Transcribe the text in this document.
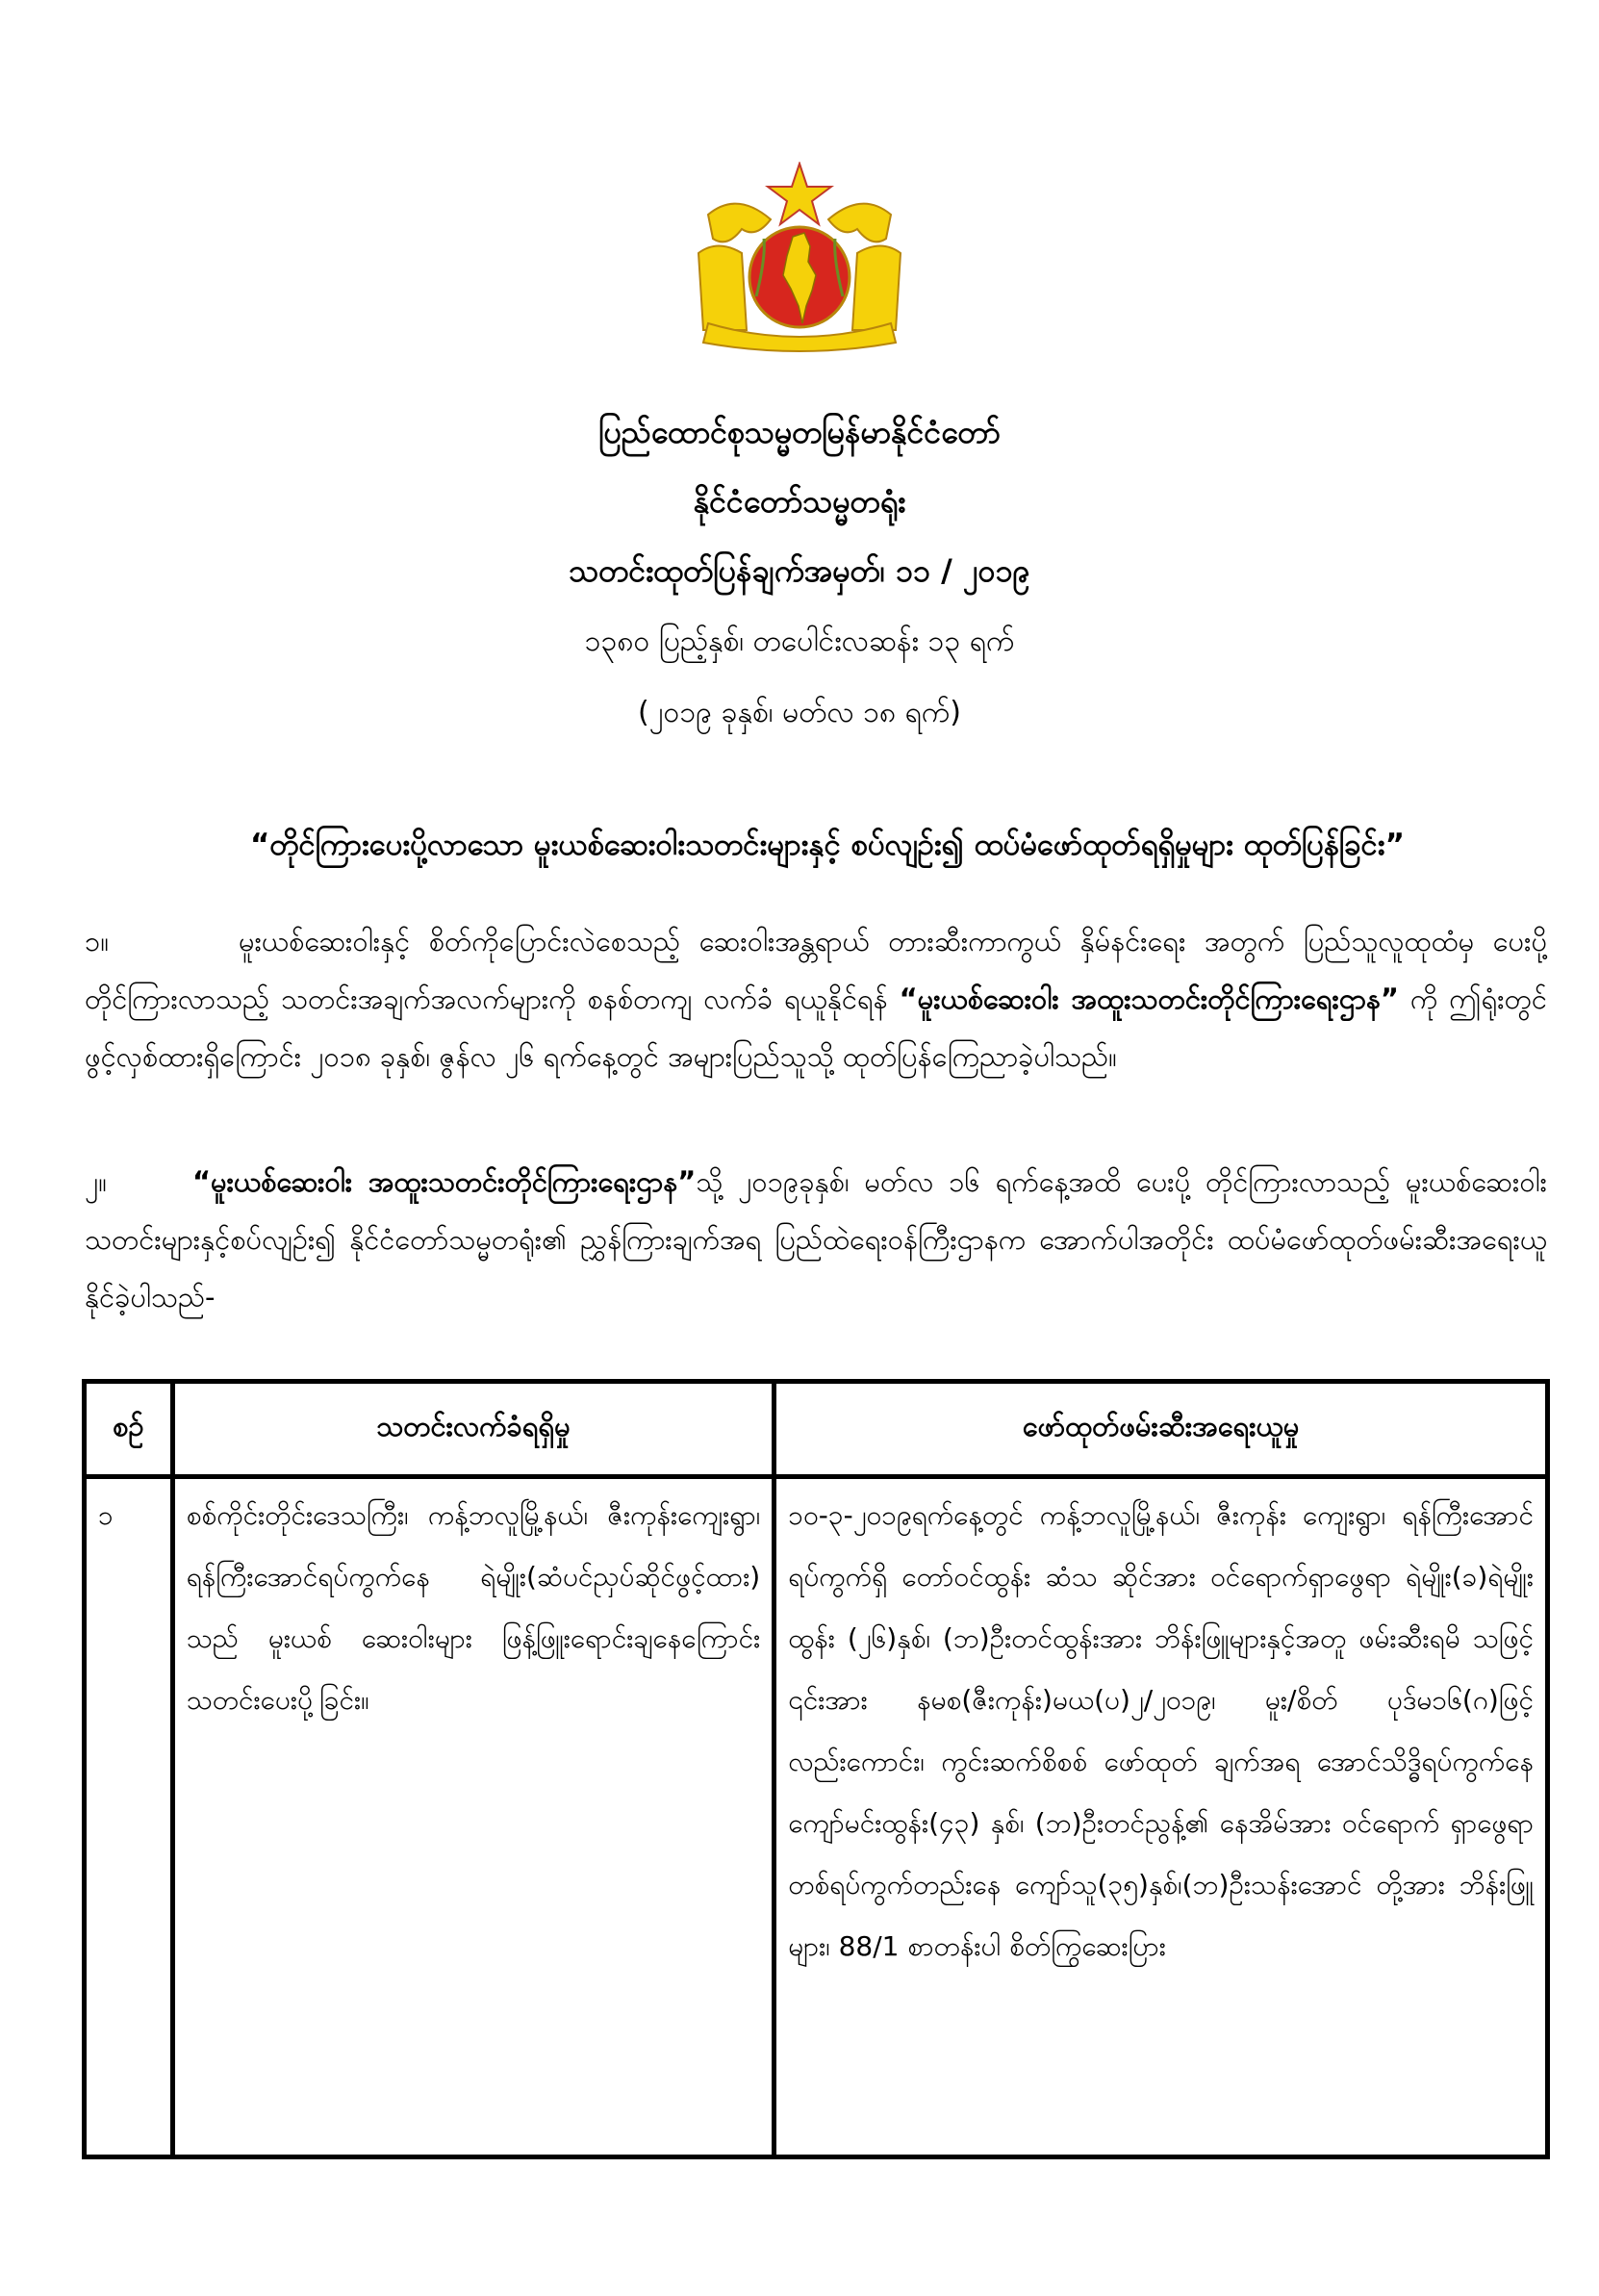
ပြည်ထောင်စုသမ္မတမြန်မာနိုင်ငံတော်
နိုင်ငံတော်သမ္မတရုံး
သတင်းထုတ်ပြန်ချက်အမှတ်၊ ၁၁ / ၂၀၁၉
၁၃၈၀ ပြည့်နှစ်၊ တပေါင်းလဆန်း ၁၃ ရက်
(၂၀၁၉ ခုနှစ်၊ မတ်လ ၁၈ ရက်)
“တိုင်ကြားပေးပို့လာသော မူးယစ်ဆေးဝါးသတင်းများနှင့် စပ်လျဉ်း၍ ထပ်မံဖော်ထုတ်ရရှိမှုများ ထုတ်ပြန်ခြင်း”
၁။	မူးယစ်ဆေးဝါးနှင့် စိတ်ကိုပြောင်းလဲစေသည့် ဆေးဝါးအန္တရာယ် တားဆီးကာကွယ် နှိမ်နင်းရေး အတွက် ပြည်သူလူထုထံမှ ပေးပို့တိုင်ကြားလာသည့် သတင်းအချက်အလက်များကို စနစ်တကျ လက်ခံ ရယူနိုင်ရန် “မူးယစ်ဆေးဝါး အထူးသတင်းတိုင်ကြားရေးဌာန” ကို ဤရုံးတွင် ဖွင့်လှစ်ထားရှိကြောင်း ၂၀၁၈ ခုနှစ်၊ ဇွန်လ ၂၆ ရက်နေ့တွင် အများပြည်သူသို့ ထုတ်ပြန်ကြေညာခဲ့ပါသည်။
၂။	“မူးယစ်ဆေးဝါး အထူးသတင်းတိုင်ကြားရေးဌာန”သို့ ၂၀၁၉ခုနှစ်၊ မတ်လ ၁၆ ရက်နေ့အထိ ပေးပို့ တိုင်ကြားလာသည့် မူးယစ်ဆေးဝါးသတင်းများနှင့်စပ်လျဉ်း၍ နိုင်ငံတော်သမ္မတရုံး၏ ညွှန်ကြားချက်အရ ပြည်ထဲရေးဝန်ကြီးဌာနက အောက်ပါအတိုင်း ထပ်မံဖော်ထုတ်ဖမ်းဆီးအရေးယူနိုင်ခဲ့ပါသည်-
စဉ်	သတင်းလက်ခံရရှိမှု	ဖော်ထုတ်ဖမ်းဆီးအရေးယူမှု
၁	စစ်ကိုင်းတိုင်းဒေသကြီး၊ ကန့်ဘလူမြို့နယ်၊ ဇီးကုန်းကျေးရွာ၊ ရန်ကြီးအောင်ရပ်ကွက်နေ ရဲမျိုး(ဆံပင်ညှပ်ဆိုင်ဖွင့်ထား) သည် မူးယစ် ဆေးဝါးများ ဖြန့်ဖြူးရောင်းချနေကြောင်း သတင်းပေးပို့ခြင်း။	၁၀-၃-၂၀၁၉ရက်နေ့တွင် ကန့်ဘလူမြို့နယ်၊ ဇီးကုန်း ကျေးရွာ၊ ရန်ကြီးအောင်ရပ်ကွက်ရှိ တော်ဝင်ထွန်း ဆံသ ဆိုင်အား ဝင်ရောက်ရှာဖွေရာ ရဲမျိုး(ခ)ရဲမျိုးထွန်း (၂၆)နှစ်၊ (ဘ)ဦးတင်ထွန်းအား ဘိန်းဖြူများနှင့်အတူ ဖမ်းဆီးရမိ သဖြင့် ၎င်းအား နမစ(ဇီးကုန်း)မယ(ပ)၂/၂၀၁၉၊ မူး/စိတ် ပုဒ်မ၁၆(ဂ)ဖြင့်လည်းကောင်း၊ ကွင်းဆက်စိစစ် ဖော်ထုတ် ချက်အရ အောင်သိဒ္ဓိရပ်ကွက်နေ ကျော်မင်းထွန်း(၄၃) နှစ်၊ (ဘ)ဦးတင်ညွန့်၏ နေအိမ်အား ဝင်ရောက် ရှာဖွေရာ တစ်ရပ်ကွက်တည်းနေ ကျော်သူ(၃၅)နှစ်၊(ဘ)ဦးသန်းအောင် တို့အား ဘိန်းဖြူများ၊ 88/1 စာတန်းပါ စိတ်ကြွဆေးပြား
